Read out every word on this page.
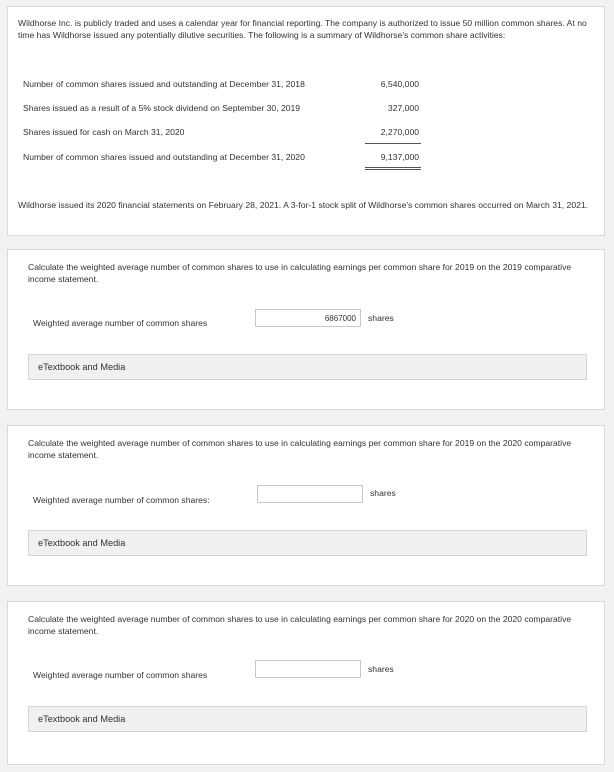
Wildhorse Inc. is publicly traded and uses a calendar year for financial reporting. The company is authorized to issue 50 million common shares. At no time has Wildhorse issued any potentially dilutive securities. The following is a summary of Wildhorse's common share activities:
Number of common shares issued and outstanding at December 31, 2018	6,540,000
Shares issued as a result of a 5% stock dividend on September 30, 2019	327,000
Shares issued for cash on March 31, 2020	2,270,000
Number of common shares issued and outstanding at December 31, 2020	9,137,000
Wildhorse issued its 2020 financial statements on February 28, 2021. A 3-for-1 stock split of Wildhorse's common shares occurred on March 31, 2021.
Calculate the weighted average number of common shares to use in calculating earnings per common share for 2019 on the 2019 comparative income statement.
Weighted average number of common shares
6867000	shares
eTextbook and Media
Calculate the weighted average number of common shares to use in calculating earnings per common share for 2019 on the 2020 comparative income statement.
Weighted average number of common shares:
shares
eTextbook and Media
Calculate the weighted average number of common shares to use in calculating earnings per common share for 2020 on the 2020 comparative income statement.
Weighted average number of common shares
shares
eTextbook and Media
